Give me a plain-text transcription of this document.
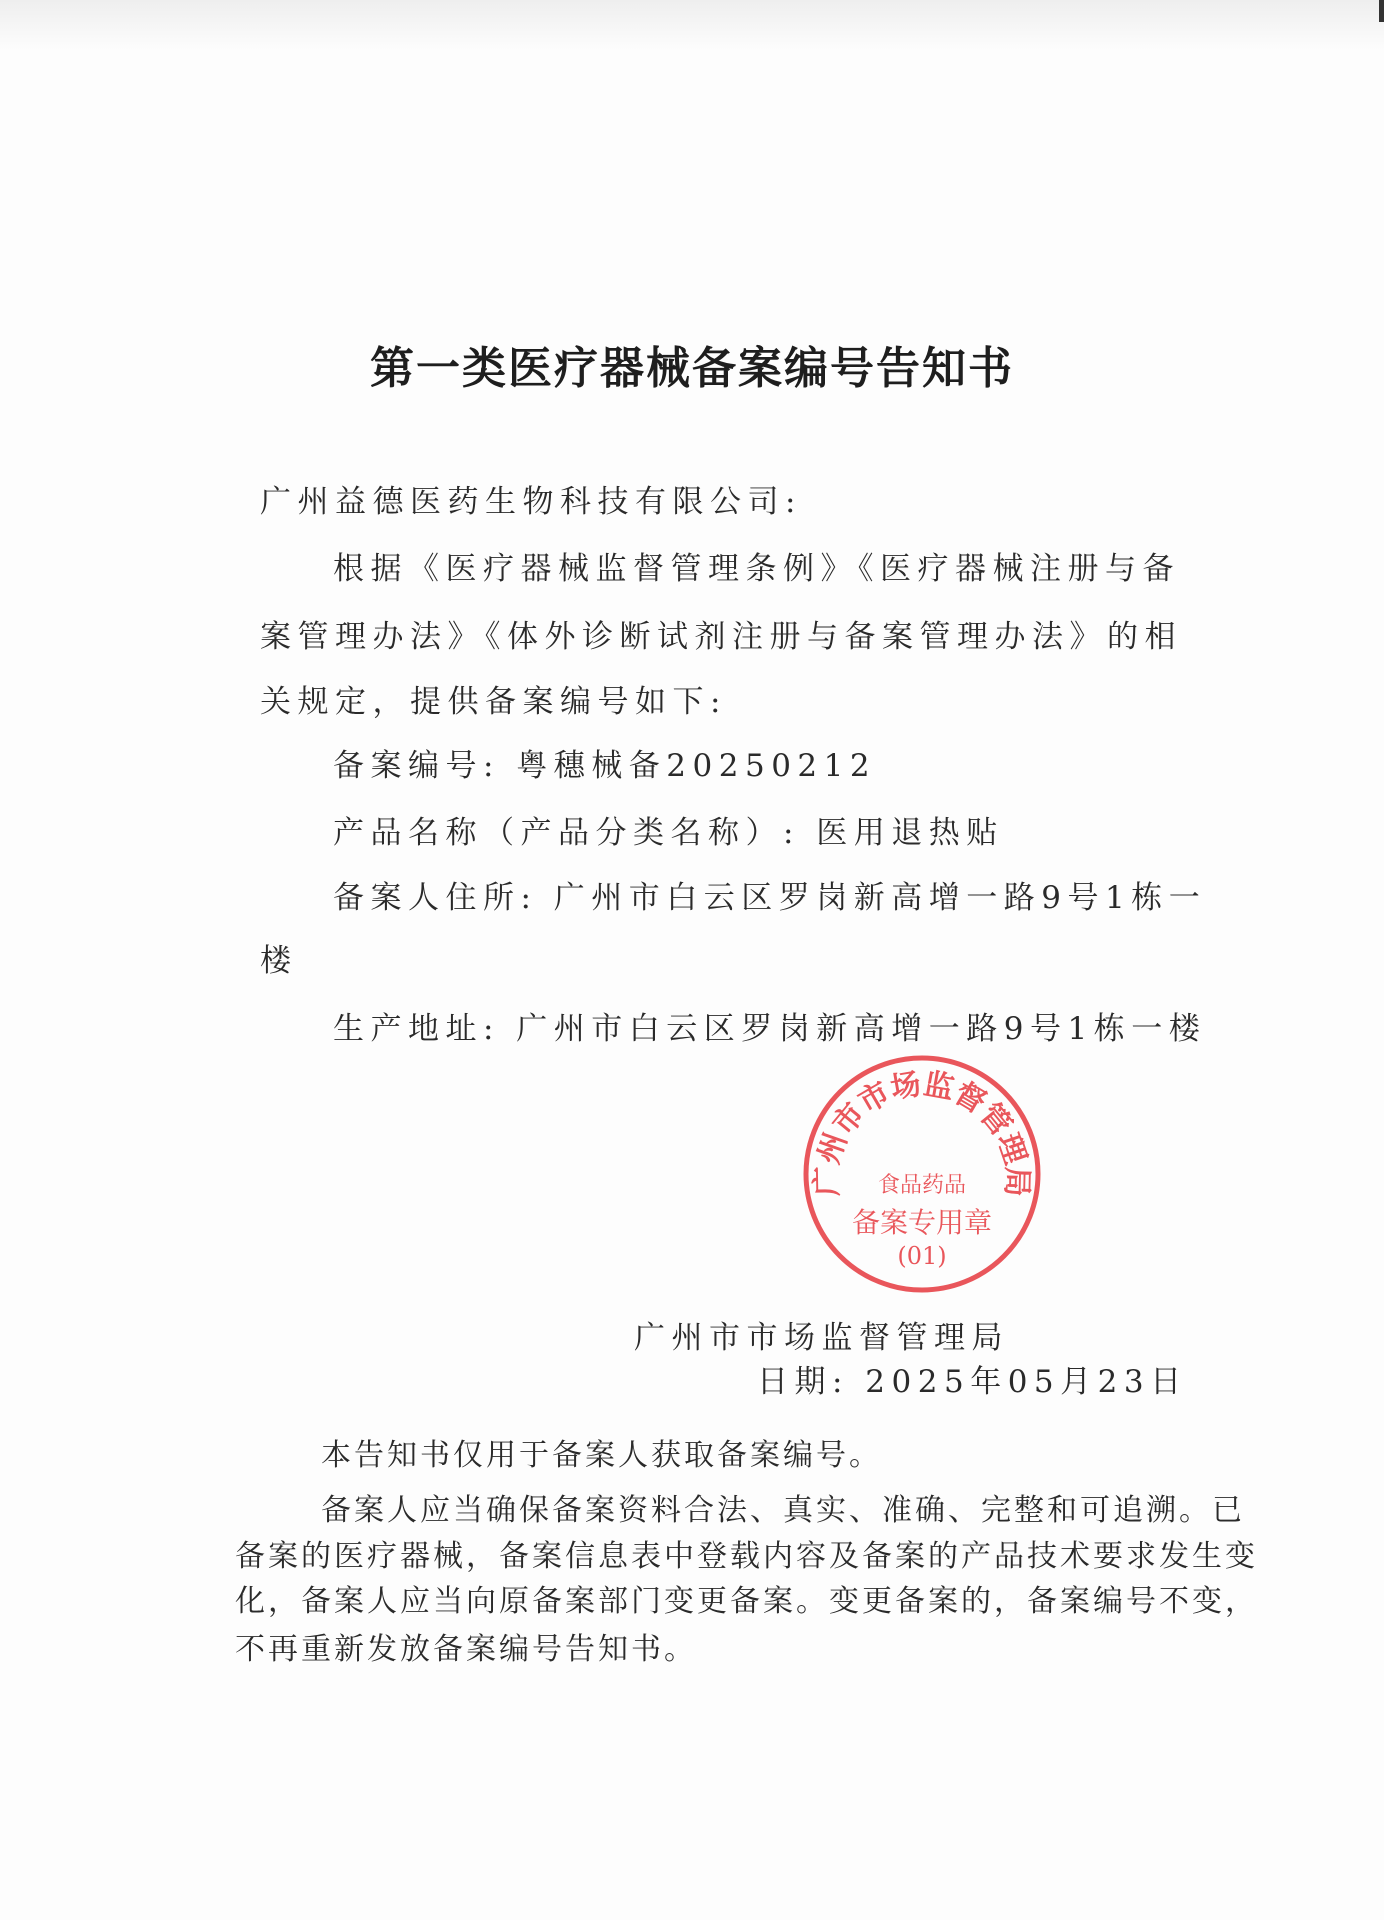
第一类医疗器械备案编号告知书
广州益德医药生物科技有限公司:
根据《医疗器械监督管理条例》《医疗器械注册与备
案管理办法》《体外诊断试剂注册与备案管理办法》的相
关规定，提供备案编号如下:
备案编号: 粤穗械备20250212
产品名称（产品分类名称）: 医用退热贴
备案人住所: 广州市白云区罗岗新高增一路9号1栋一
楼
生产地址: 广州市白云区罗岗新高增一路9号1栋一楼
广州市市场监督管理局
食品药品
备案专用章
(01)
广州市市场监督管理局
日期: 2025年05月23日
本告知书仅用于备案人获取备案编号。
备案人应当确保备案资料合法、真实、准确、完整和可追溯。已
备案的医疗器械，备案信息表中登载内容及备案的产品技术要求发生变
化，备案人应当向原备案部门变更备案。变更备案的，备案编号不变，
不再重新发放备案编号告知书。
